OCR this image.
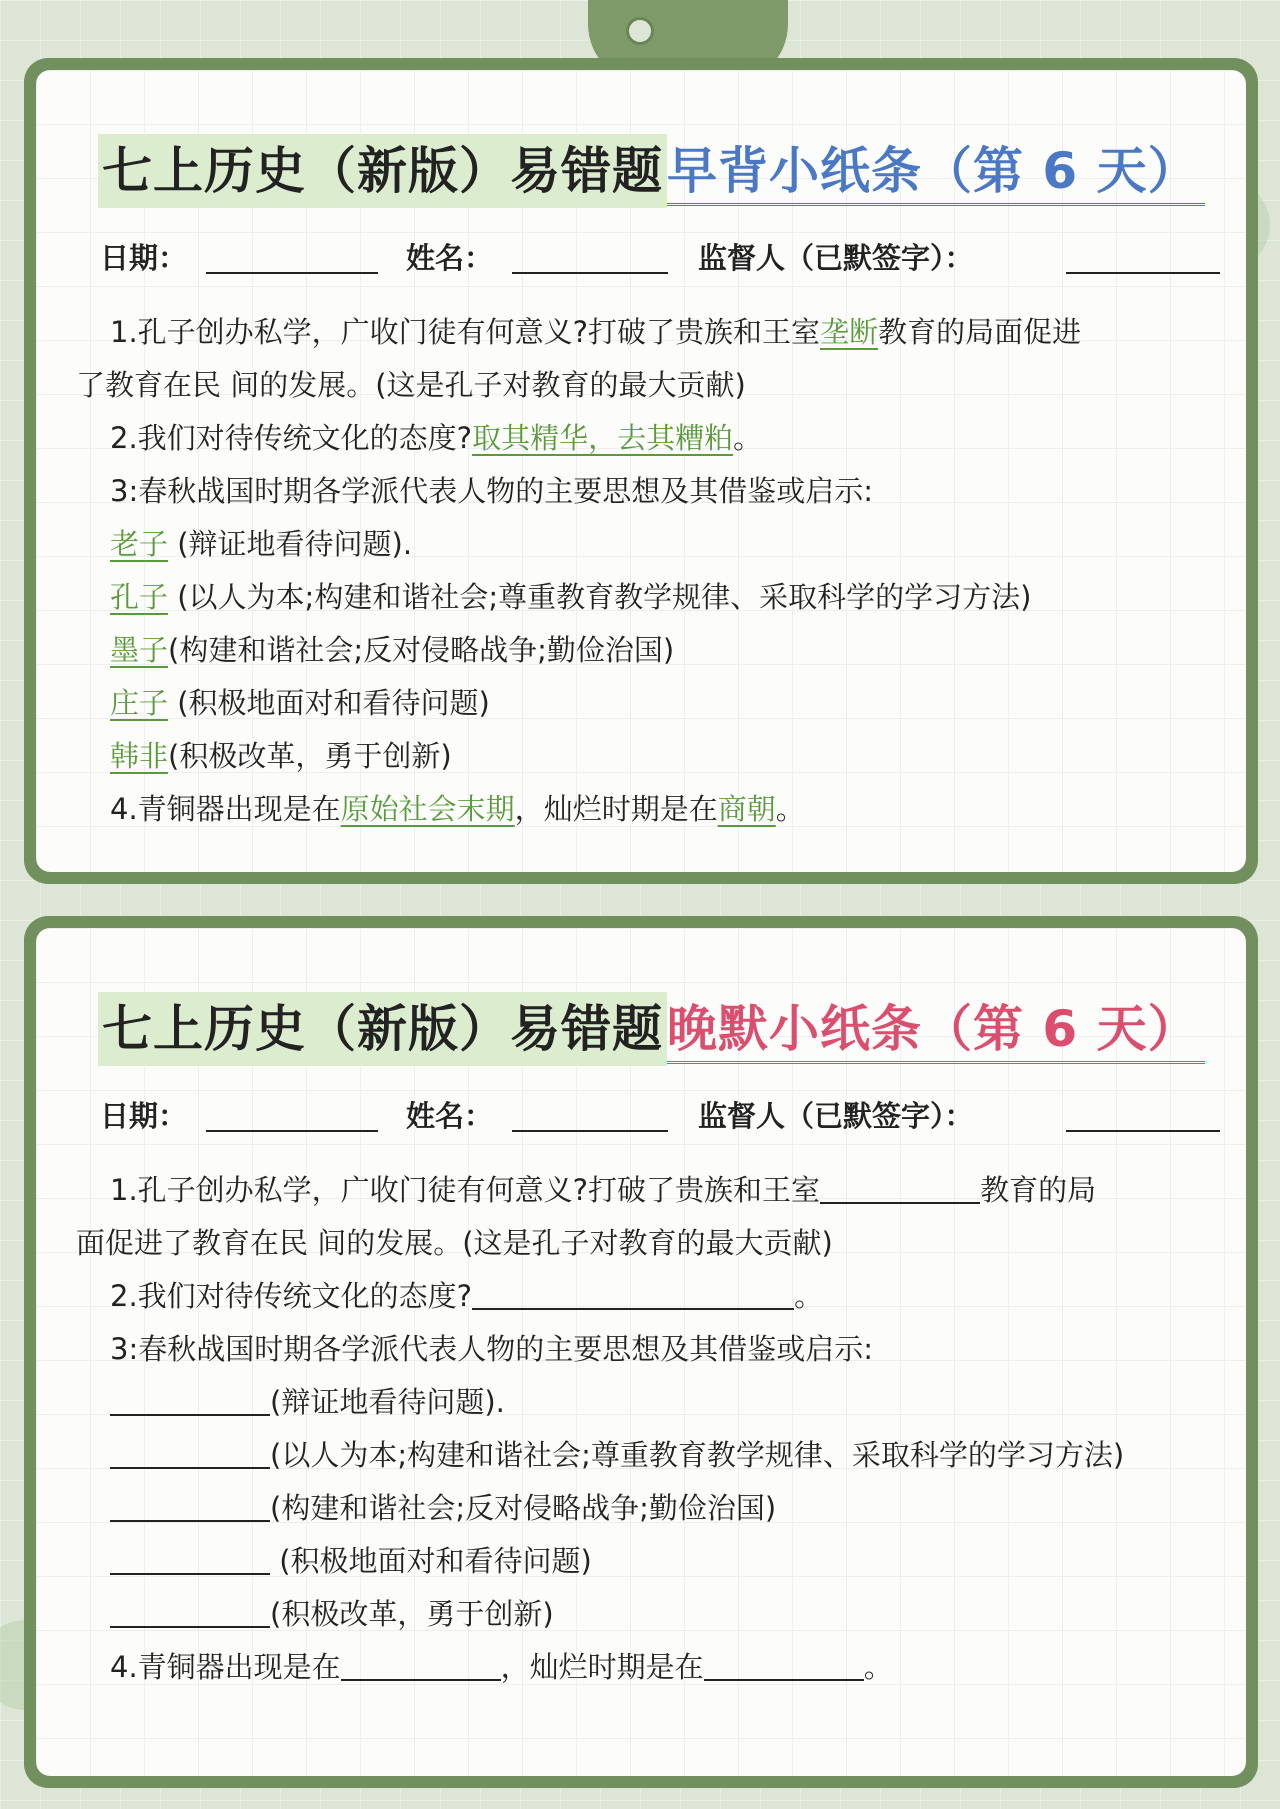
七上历史（新版）易错题早背小纸条（第 6 天）
日期：	姓名：	监督人（已默签字）：

1.孔子创办私学，广收门徒有何意义?打破了贵族和王室垄断教育的局面促进

了教育在民 间的发展。(这是孔子对教育的最大贡献)

2.我们对待传统文化的态度?取其精华，去其糟粕。

3:春秋战国时期各学派代表人物的主要思想及其借鉴或启示:

老子 (辩证地看待问题).

孔子 (以人为本;构建和谐社会;尊重教育教学规律、采取科学的学习方法)

墨子(构建和谐社会;反对侵略战争;勤俭治国)

庄子 (积极地面对和看待问题)

韩非(积极改革，勇于创新)

4.青铜器出现是在原始社会末期，灿烂时期是在商朝。

七上历史（新版）易错题晚默小纸条（第 6 天）
日期：	姓名：	监督人（已默签字）：

1.孔子创办私学，广收门徒有何意义?打破了贵族和王室	教育的局

面促进了教育在民 间的发展。(这是孔子对教育的最大贡献)

2.我们对待传统文化的态度?	。

3:春秋战国时期各学派代表人物的主要思想及其借鉴或启示:

(辩证地看待问题).

(以人为本;构建和谐社会;尊重教育教学规律、采取科学的学习方法)

(构建和谐社会;反对侵略战争;勤俭治国)

(积极地面对和看待问题)

(积极改革，勇于创新)

4.青铜器出现是在	，灿烂时期是在	。
